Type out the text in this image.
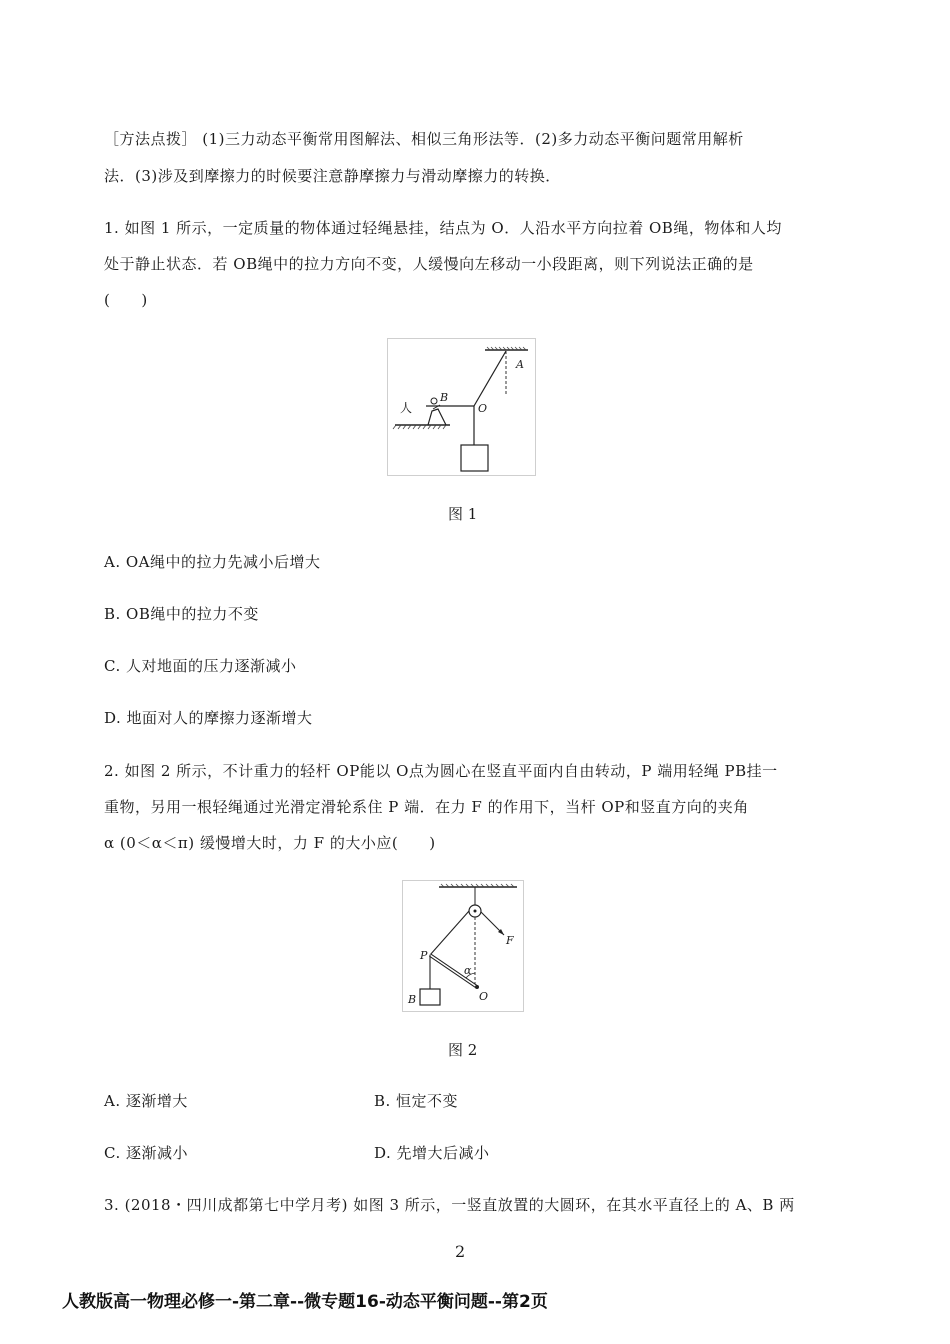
［方法点拨］ (1)三力动态平衡常用图解法、相似三角形法等．(2)多力动态平衡问题常用解析
法．(3)涉及到摩擦力的时候要注意静摩擦力与滑动摩擦力的转换．
1. 如图 1 所示，一定质量的物体通过轻绳悬挂，结点为 O．人沿水平方向拉着 OB绳，物体和人均
处于静止状态．若 OB绳中的拉力方向不变，人缓慢向左移动一小段距离，则下列说法正确的是
(　　)
A
B
O
人
图 1
A. OA绳中的拉力先减小后增大
B. OB绳中的拉力不变
C. 人对地面的压力逐渐减小
D. 地面对人的摩擦力逐渐增大
2. 如图 2 所示，不计重力的轻杆 OP能以 O点为圆心在竖直平面内自由转动，P 端用轻绳 PB挂一
重物，另用一根轻绳通过光滑定滑轮系住 P 端．在力 F 的作用下，当杆 OP和竖直方向的夹角
α (0＜α＜π) 缓慢增大时，力 F 的大小应(　　)
P
F
α
B	O
图 2
A. 逐渐增大	B. 恒定不变
C. 逐渐减小	D. 先增大后减小
3. (2018・四川成都第七中学月考) 如图 3 所示，一竖直放置的大圆环，在其水平直径上的 A、B 两
2
人教版高一物理必修一-第二章--微专题16-动态平衡问题--第2页
